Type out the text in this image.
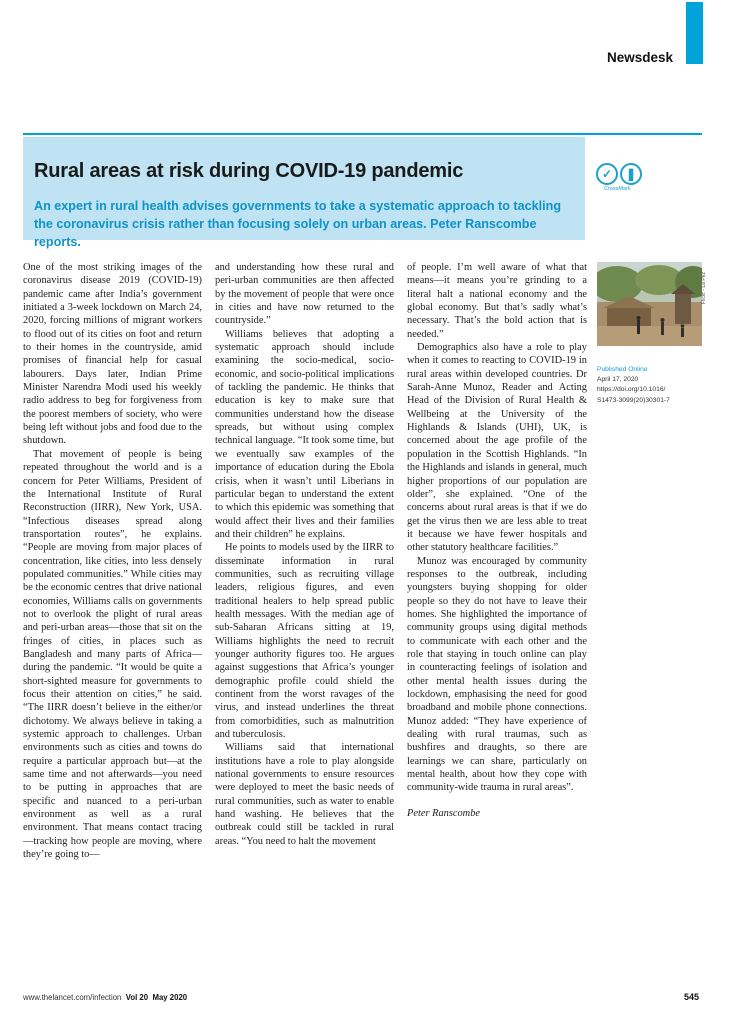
Newsdesk
Rural areas at risk during COVID-19 pandemic
An expert in rural health advises governments to take a systematic approach to tackling the coronavirus crisis rather than focusing solely on urban areas. Peter Ranscombe reports.
✓	❚
CrossMark

One of the most striking images of the coronavirus disease 2019 (COVID-19) pandemic came after India’s government initiated a 3-week lockdown on March 24, 2020, forcing millions of migrant workers to flood out of its cities on foot and return to their homes in the countryside, amid promises of financial help for casual labourers. Days later, Indian Prime Minister Narendra Modi used his weekly radio address to beg for forgiveness from the poorest members of society, who were being left without jobs and food due to the shutdown.

That movement of people is being repeated throughout the world and is a concern for Peter Williams, President of the International Institute of Rural Reconstruction (IIRR), New York, USA. “Infectious diseases spread along transportation routes”, he explains. “People are moving from major places of concentration, like cities, into less densely populated communities.” While cities may be the economic centres that drive national economies, Williams calls on governments not to overlook the plight of rural areas and peri-urban areas—those that sit on the fringes of cities, in places such as Bangladesh and many parts of Africa—during the pandemic. “It would be quite a short-sighted measure for governments to focus their attention on cities,” he said. “The IIRR doesn’t believe in the either/or dichotomy. We always believe in taking a systemic approach to challenges. Urban environments such as cities and towns do require a particular approach but—at the same time and not afterwards—you need to be putting in approaches that are specific and nuanced to a peri-urban environment as well as a rural environment. That means contact tracing—tracking how people are moving, where they’re going to—

and understanding how these rural and peri-urban communities are then affected by the movement of people that were once in cities and have now returned to the countryside.”

Williams believes that adopting a systematic approach should include examining the socio-medical, socio-economic, and socio-political implications of tackling the pandemic. He thinks that education is key to make sure that communities understand how the disease spreads, but without using complex technical language. “It took some time, but we eventually saw examples of the importance of education during the Ebola crisis, when it wasn’t until Liberians in particular began to understand the extent to which this epidemic was something that would affect their lives and their families and their children” he explains.

He points to models used by the IIRR to disseminate information in rural communities, such as recruiting village leaders, religious figures, and even traditional healers to help spread public health messages. With the median age of sub-Saharan Africans sitting at 19, Williams highlights the need to recruit younger authority figures too. He argues against suggestions that Africa’s younger demographic profile could shield the continent from the worst ravages of the virus, and instead underlines the threat from comorbidities, such as malnutrition and tuberculosis.

Williams said that international institutions have a role to play alongside national governments to ensure resources were deployed to meet the basic needs of rural communities, such as water to enable hand washing. He believes that the outbreak could still be tackled in rural areas. “You need to halt the movement

of people. I’m well aware of what that means—it means you’re grinding to a literal halt a national economy and the global economy. But that’s sadly what’s necessary. That’s the bold action that is needed.”

Demographics also have a role to play when it comes to reacting to COVID-19 in rural areas within developed countries. Dr Sarah-Anne Munoz, Reader and Acting Head of the Division of Rural Health & Wellbeing at the University of the Highlands & Islands (UHI), UK, is concerned about the age profile of the population in the Scottish Highlands. “In the Highlands and islands in general, much higher proportions of our population are older”, she explained. “One of the concerns about rural areas is that if we do get the virus then we are less able to treat it because we have fewer hospitals and other statutory healthcare facilities.”

Munoz was encouraged by community responses to the outbreak, including youngsters buying shopping for older people so they do not have to leave their homes. She highlighted the importance of community groups using digital methods to communicate with each other and the role that staying in touch online can play in counteracting feelings of isolation and other mental health issues during the lockdown, emphasising the need for good broadband and mobile phone connections. Munoz added: “They have experience of dealing with rural traumas, such as bushfires and draughts, so there are learnings we can share, particularly on mental health, about how they cope with community-wide trauma in rural areas”.

Peter Ranscombe

Flickr - La Pez
Published Online
April 17, 2020
https://doi.org/10.1016/
S1473-3099(20)30301-7
www.thelancet.com/infection Vol 20 May 2020	545
